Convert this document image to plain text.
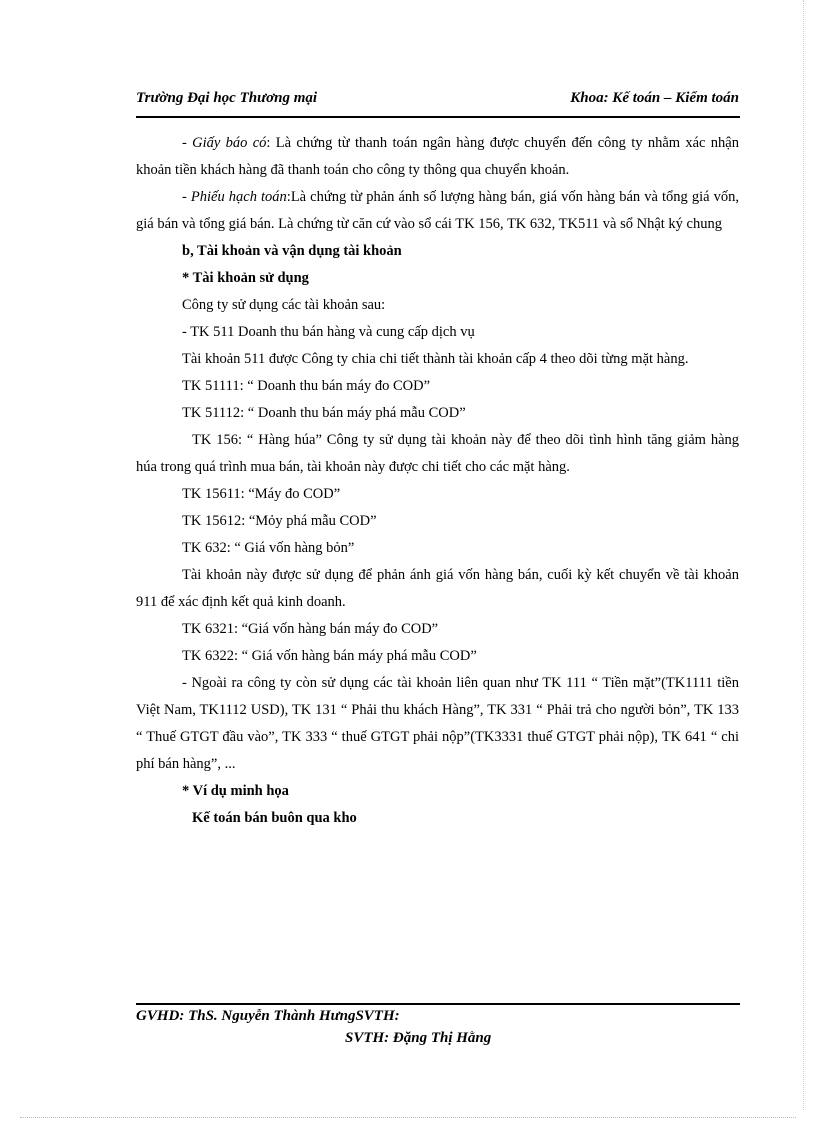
Trường Đại học Thương mại	Khoa: Kế toán – Kiểm toán

- Giấy báo có: Là chứng từ thanh toán ngân hàng được chuyển đến công ty nhằm xác nhận khoản tiền khách hàng đã thanh toán cho công ty thông qua chuyển khoản.

- Phiếu hạch toán:Là chứng từ phản ánh số lượng hàng bán, giá vốn hàng bán và tổng giá vốn, giá bán và tổng giá bán. Là chứng từ căn cứ vào sổ cái TK 156, TK 632, TK511 và sổ Nhật ký chung

b, Tài khoản và vận dụng tài khoản

* Tài khoản sử dụng

Công ty sử dụng các tài khoản sau:

- TK 511 Doanh thu bán hàng và cung cấp dịch vụ

Tài khoản 511 được Công ty chia chi tiết thành tài khoản cấp 4 theo dõi từng mặt hàng.

TK 51111: “ Doanh thu bán máy đo COD”

TK 51112: “ Doanh thu bán máy phá mẫu COD”

TK 156: “ Hàng húa” Công ty sử dụng tài khoản này để theo dõi tình hình tăng giảm hàng húa trong quá trình mua bán, tài khoản này được chi tiết cho các mặt hàng.

TK 15611: “Máy đo COD”

TK 15612: “Mỏy phá mẫu COD”

TK 632: “ Giá vốn hàng bỏn”

Tài khoản này được sử dụng để phản ánh giá vốn hàng bán, cuối kỳ kết chuyển về tài khoản 911 để xác định kết quả kinh doanh.

TK 6321: “Giá vốn hàng bán máy đo COD”

TK 6322: “ Giá vốn hàng bán máy phá mẫu COD”

- Ngoài ra công ty còn sử dụng các tài khoản liên quan như TK 111 “ Tiền mặt”(TK1111 tiền Việt Nam, TK1112 USD), TK 131 “ Phải thu khách Hàng”, TK 331 “ Phải trả cho người bỏn”, TK 133 “ Thuế GTGT đầu vào”, TK 333 “ thuế GTGT phải nộp”(TK3331 thuế GTGT phải nộp), TK 641 “ chi phí bán hàng”, ...

* Ví dụ minh họa

Kế toán bán buôn qua kho

GVHD: ThS. Nguyễn Thành HưngSVTH:
SVTH: Đặng Thị Hằng
